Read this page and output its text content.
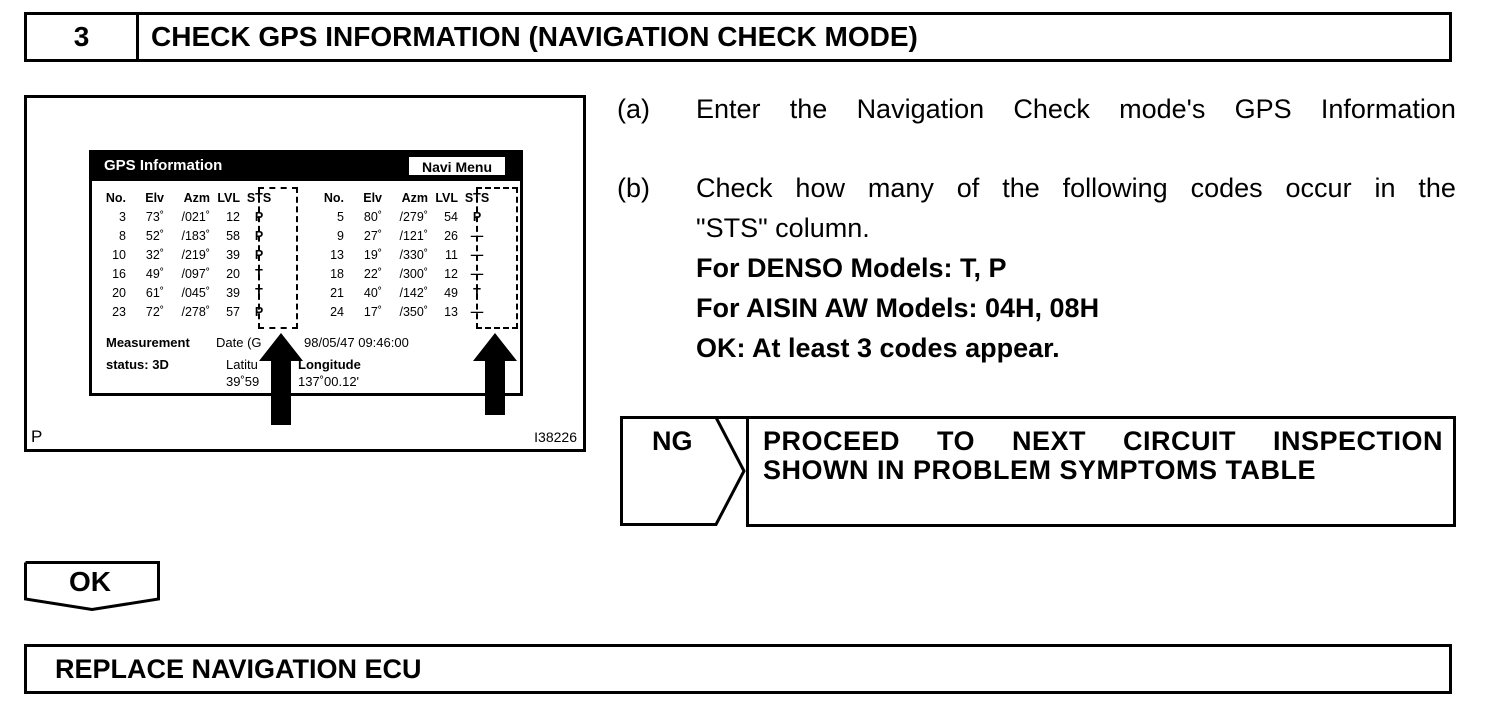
3	CHECK GPS INFORMATION (NAVIGATION CHECK MODE)
GPS Information	Navi Menu
No.	Elv	Azm	LVL	STS
3	73˚	/021˚	12	P
8	52˚	/183˚	58	P
10	32˚	/219˚	39	P
16	49˚	/097˚	20	T
20	61˚	/045˚	39	T
23	72˚	/278˚	57	P
No.	Elv	Azm	LVL	STS
5	80˚	/279˚	54	P
9	27˚	/121˚	26	—
13	19˚	/330˚	11	—
18	22˚	/300˚	12	—
21	40˚	/142˚	49	T
24	17˚	/350˚	13	—
Measurement Date (G	98/05/47 09:46:00
status: 3D	Latitu
39˚59
Longitude
137˚00.12'
P	I38226
(a) Enter the Navigation Check mode's GPS Information
(b) Check how many of the following codes occur in the
"STS" column.
For DENSO Models: T, P
For AISIN AW Models: 04H, 08H
OK: At least 3 codes appear.
NG	PROCEED TO NEXT CIRCUIT INSPECTION
SHOWN IN PROBLEM SYMPTOMS TABLE
OK
REPLACE NAVIGATION ECU
